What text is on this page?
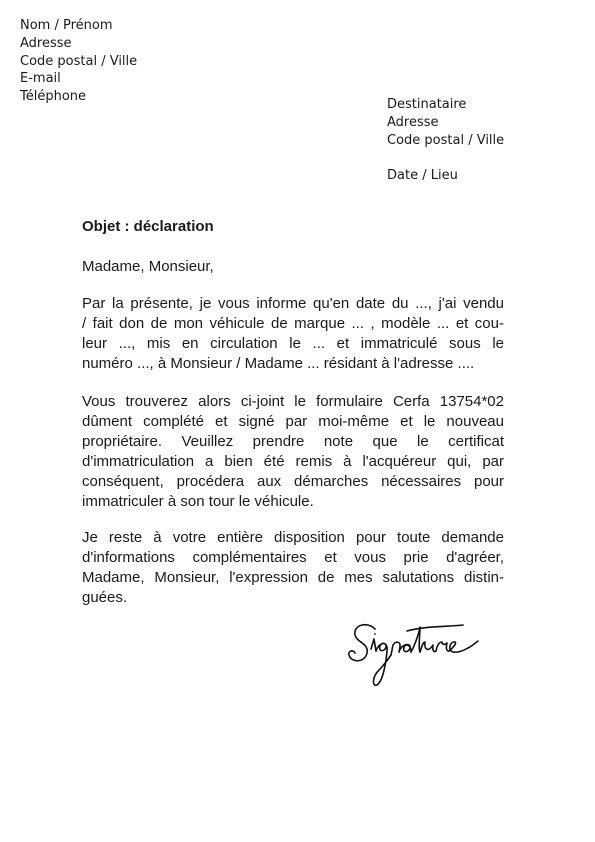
Nom / Prénom
Adresse
Code postal / Ville
E-mail
Téléphone
Destinataire
Adresse
Code postal / Ville
Date / Lieu
Objet : déclaration
Madame, Monsieur,
Par la présente, je vous informe qu'en date du ..., j'ai vendu
/ fait don de mon véhicule de marque ... , modèle ... et cou-
leur ..., mis en circulation le ... et immatriculé sous le
numéro ..., à Monsieur / Madame ... résidant à l'adresse ....
Vous trouverez alors ci-joint le formulaire Cerfa 13754*02
dûment complété et signé par moi-même et le nouveau
propriétaire. Veuillez prendre note que le certificat
d'immatriculation a bien été remis à l'acquéreur qui, par
conséquent, procédera aux démarches nécessaires pour
immatriculer à son tour le véhicule.
Je reste à votre entière disposition pour toute demande
d'informations complémentaires et vous prie d'agréer,
Madame, Monsieur, l'expression de mes salutations distin-
guées.
